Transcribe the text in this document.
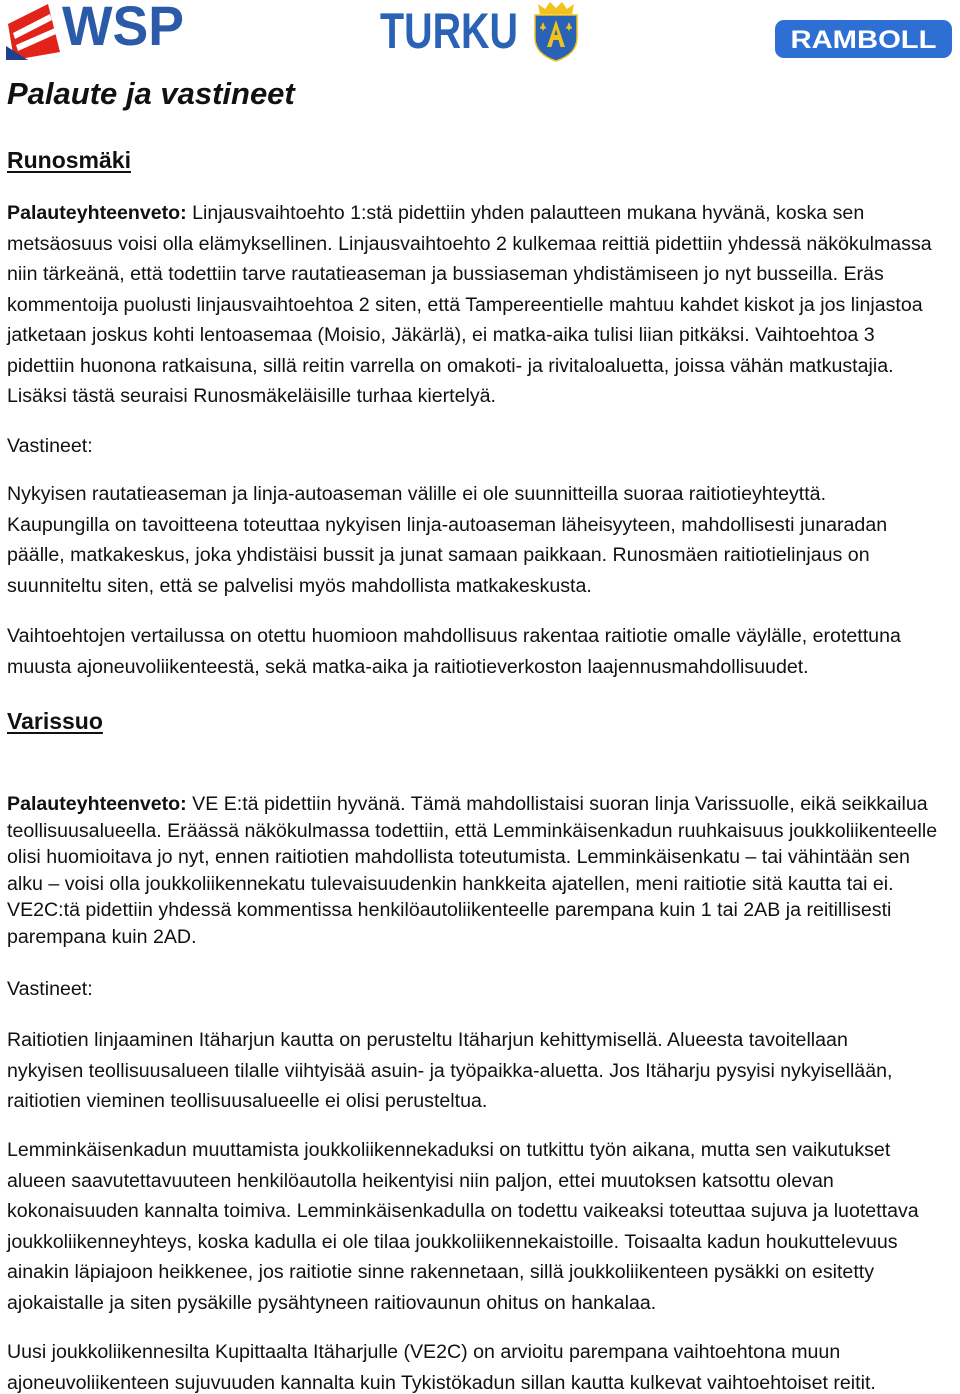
WSP	TURKU	RAMBOLL
Palaute ja vastineet
Runosmäki
Palauteyhteenveto: Linjausvaihtoehto 1:stä pidettiin yhden palautteen mukana hyvänä, koska sen
metsäosuus voisi olla elämyksellinen. Linjausvaihtoehto 2 kulkemaa reittiä pidettiin yhdessä näkökulmassa
niin tärkeänä, että todettiin tarve rautatieaseman ja bussiaseman yhdistämiseen jo nyt busseilla. Eräs
kommentoija puolusti linjausvaihtoehtoa 2 siten, että Tampereentielle mahtuu kahdet kiskot ja jos linjastoa
jatketaan joskus kohti lentoasemaa (Moisio, Jäkärlä), ei matka-aika tulisi liian pitkäksi. Vaihtoehtoa 3
pidettiin huonona ratkaisuna, sillä reitin varrella on omakoti- ja rivitaloaluetta, joissa vähän matkustajia.
Lisäksi tästä seuraisi Runosmäkeläisille turhaa kiertelyä.
Vastineet:
Nykyisen rautatieaseman ja linja-autoaseman välille ei ole suunnitteilla suoraa raitiotieyhteyttä.
Kaupungilla on tavoitteena toteuttaa nykyisen linja-autoaseman läheisyyteen, mahdollisesti junaradan
päälle, matkakeskus, joka yhdistäisi bussit ja junat samaan paikkaan. Runosmäen raitiotielinjaus on
suunniteltu siten, että se palvelisi myös mahdollista matkakeskusta.
Vaihtoehtojen vertailussa on otettu huomioon mahdollisuus rakentaa raitiotie omalle väylälle, erotettuna
muusta ajoneuvoliikenteestä, sekä matka-aika ja raitiotieverkoston laajennusmahdollisuudet.
Varissuo
Palauteyhteenveto: VE E:tä pidettiin hyvänä. Tämä mahdollistaisi suoran linja Varissuolle, eikä seikkailua
teollisuusalueella. Eräässä näkökulmassa todettiin, että Lemminkäisenkadun ruuhkaisuus joukkoliikenteelle
olisi huomioitava jo nyt, ennen raitiotien mahdollista toteutumista. Lemminkäisenkatu – tai vähintään sen
alku – voisi olla joukkoliikennekatu tulevaisuudenkin hankkeita ajatellen, meni raitiotie sitä kautta tai ei.
VE2C:tä pidettiin yhdessä kommentissa henkilöautoliikenteelle parempana kuin 1 tai 2AB ja reitillisesti
parempana kuin 2AD.
Vastineet:
Raitiotien linjaaminen Itäharjun kautta on perusteltu Itäharjun kehittymisellä. Alueesta tavoitellaan
nykyisen teollisuusalueen tilalle viihtyisää asuin- ja työpaikka-aluetta. Jos Itäharju pysyisi nykyisellään,
raitiotien vieminen teollisuusalueelle ei olisi perusteltua.
Lemminkäisenkadun muuttamista joukkoliikennekaduksi on tutkittu työn aikana, mutta sen vaikutukset
alueen saavutettavuuteen henkilöautolla heikentyisi niin paljon, ettei muutoksen katsottu olevan
kokonaisuuden kannalta toimiva. Lemminkäisenkadulla on todettu vaikeaksi toteuttaa sujuva ja luotettava
joukkoliikenneyhteys, koska kadulla ei ole tilaa joukkoliikennekaistoille. Toisaalta kadun houkuttelevuus
ainakin läpiajoon heikkenee, jos raitiotie sinne rakennetaan, sillä joukkoliikenteen pysäkki on esitetty
ajokaistalle ja siten pysäkille pysähtyneen raitiovaunun ohitus on hankalaa.
Uusi joukkoliikennesilta Kupittaalta Itäharjulle (VE2C) on arvioitu parempana vaihtoehtona muun
ajoneuvoliikenteen sujuvuuden kannalta kuin Tykistökadun sillan kautta kulkevat vaihtoehtoiset reitit.
